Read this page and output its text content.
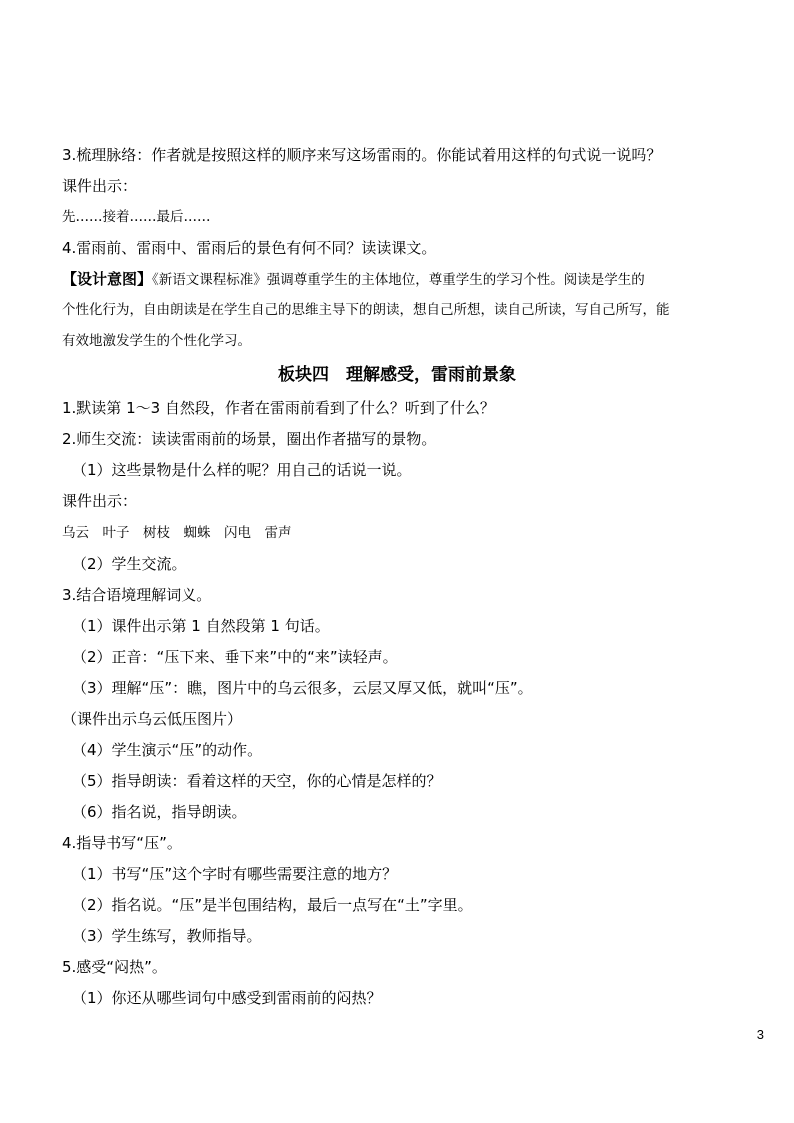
3.梳理脉络：作者就是按照这样的顺序来写这场雷雨的。你能试着用这样的句式说一说吗？
课件出示：
先……接着……最后……
4.雷雨前、雷雨中、雷雨后的景色有何不同？读读课文。
【设计意图】《新语文课程标准》强调尊重学生的主体地位，尊重学生的学习个性。阅读是学生的
个性化行为，自由朗读是在学生自己的思维主导下的朗读，想自己所想，读自己所读，写自己所写，能
有效地激发学生的个性化学习。
板块四　理解感受，雷雨前景象
1.默读第 1～3 自然段，作者在雷雨前看到了什么？听到了什么？
2.师生交流：读读雷雨前的场景，圈出作者描写的景物。
（1）这些景物是什么样的呢？用自己的话说一说。
课件出示：
乌云　叶子　树枝　蜘蛛　闪电　雷声
（2）学生交流。
3.结合语境理解词义。
（1）课件出示第 1 自然段第 1 句话。
（2）正音：“压下来、垂下来”中的“来”读轻声。
（3）理解“压”：瞧，图片中的乌云很多，云层又厚又低，就叫“压”。
（课件出示乌云低压图片）
（4）学生演示“压”的动作。
（5）指导朗读：看着这样的天空，你的心情是怎样的？
（6）指名说，指导朗读。
4.指导书写“压”。
（1）书写“压”这个字时有哪些需要注意的地方？
（2）指名说。“压”是半包围结构，最后一点写在“土”字里。
（3）学生练写，教师指导。
5.感受“闷热”。
（1）你还从哪些词句中感受到雷雨前的闷热？
3
